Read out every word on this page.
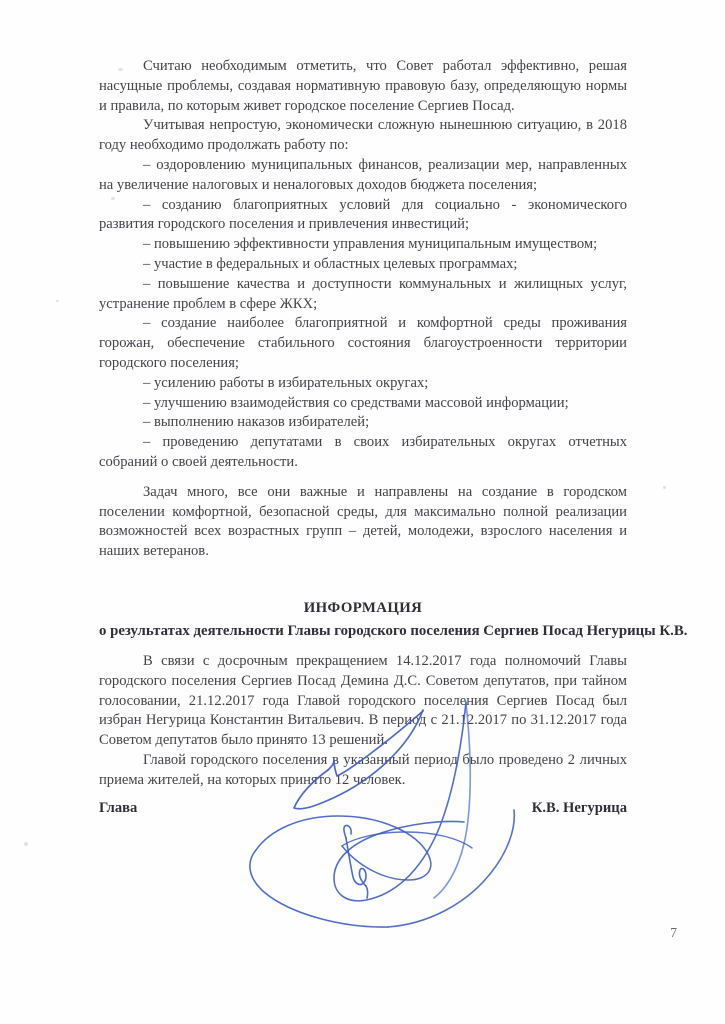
Считаю необходимым отметить, что Совет работал эффективно, решая насущные проблемы, создавая нормативную правовую базу, определяющую нормы и правила, по которым живет городское поселение Сергиев Посад.

Учитывая непростую, экономически сложную нынешнюю ситуацию, в 2018 году необходимо продолжать работу по:

– оздоровлению муниципальных финансов, реализации мер, направленных на увеличение налоговых и неналоговых доходов бюджета поселения;

– созданию благоприятных условий для социально - экономического развития городского поселения и привлечения инвестиций;

– повышению эффективности управления муниципальным имуществом;

– участие в федеральных и областных целевых программах;

– повышение качества и доступности коммунальных и жилищных услуг, устранение проблем в сфере ЖКХ;

– создание наиболее благоприятной и комфортной среды проживания горожан, обеспечение стабильного состояния благоустроенности территории городского поселения;

– усилению работы в избирательных округах;

– улучшению взаимодействия со средствами массовой информации;

– выполнению наказов избирателей;

– проведению депутатами в своих избирательных округах отчетных собраний о своей деятельности.

Задач много, все они важные и направлены на создание в городском поселении комфортной, безопасной среды, для максимально полной реализации возможностей всех возрастных групп – детей, молодежи, взрослого населения и наших ветеранов.

ИНФОРМАЦИЯ
о результатах деятельности Главы городского поселения Сергиев Посад Негурицы К.В.

В связи с досрочным прекращением 14.12.2017 года полномочий Главы городского поселения Сергиев Посад Демина Д.С. Советом депутатов, при тайном голосовании, 21.12.2017 года Главой городского поселения Сергиев Посад был избран Негурица Константин Витальевич. В период с 21.12.2017 по 31.12.2017 года Советом депутатов было принято 13 решений.

Главой городского поселения в указанный период было проведено 2 личных приема жителей, на которых принято 12 человек.

Глава	К.В. Негурица
7
